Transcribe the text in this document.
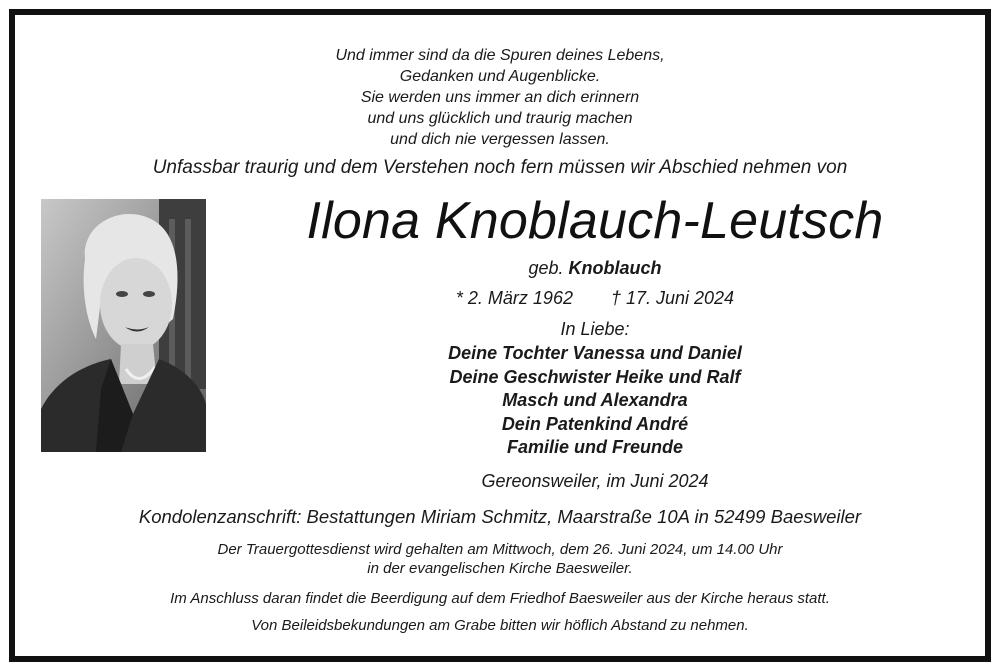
Und immer sind da die Spuren deines Lebens,
Gedanken und Augenblicke.
Sie werden uns immer an dich erinnern
und uns glücklich und traurig machen
und dich nie vergessen lassen.
Unfassbar traurig und dem Verstehen noch fern müssen wir Abschied nehmen von
Ilona Knoblauch-Leutsch
geb. Knoblauch
* 2. März 1962 † 17. Juni 2024
In Liebe:
Deine Tochter Vanessa und Daniel
Deine Geschwister Heike und Ralf
Masch und Alexandra
Dein Patenkind André
Familie und Freunde
Gereonsweiler, im Juni 2024
Kondolenzanschrift: Bestattungen Miriam Schmitz, Maarstraße 10A in 52499 Baesweiler
Der Trauergottesdienst wird gehalten am Mittwoch, dem 26. Juni 2024, um 14.00 Uhr
in der evangelischen Kirche Baesweiler.
Im Anschluss daran findet die Beerdigung auf dem Friedhof Baesweiler aus der Kirche heraus statt.
Von Beileidsbekundungen am Grabe bitten wir höflich Abstand zu nehmen.
